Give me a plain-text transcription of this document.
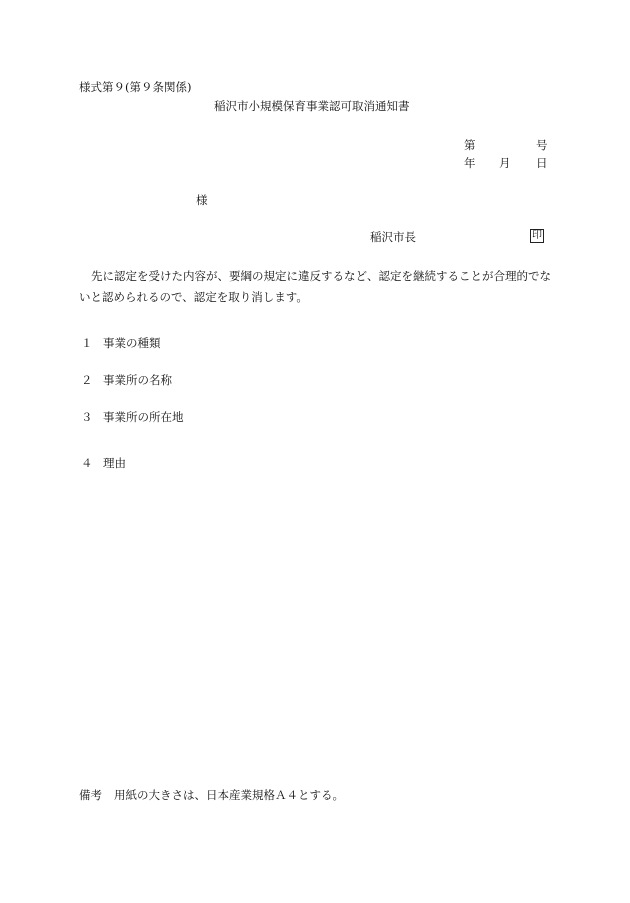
様式第９(第９条関係)
稲沢市小規模保育事業認可取消通知書
第	号
年 月 日
様
稲沢市長	印
先に認定を受けた内容が、要綱の規定に違反するなど、認定を継続することが合理的でないと認められるので、認定を取り消します。
１ 事業の種類
２ 事業所の名称
３ 事業所の所在地
４ 理由
備考 用紙の大きさは、日本産業規格Ａ４とする。
